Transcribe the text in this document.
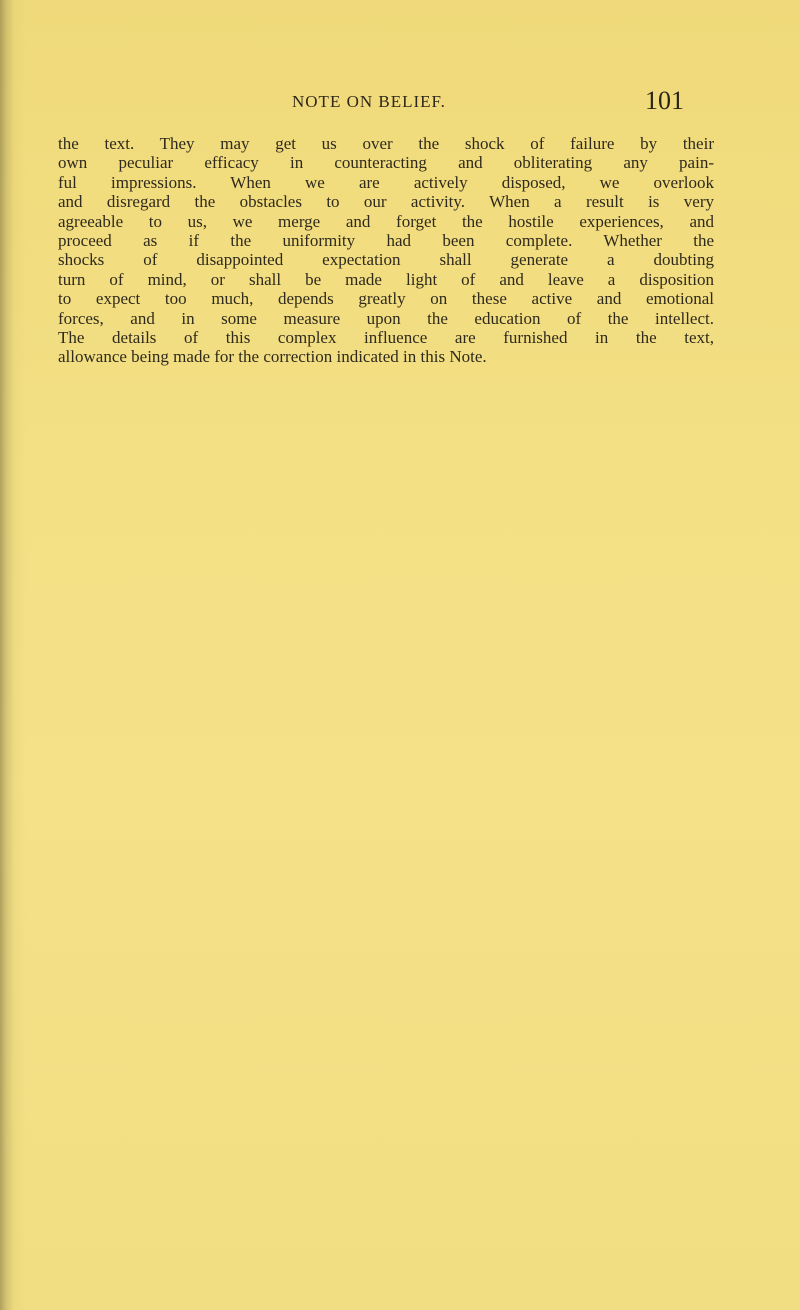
NOTE ON BELIEF.	101
the text. They may get us over the shock of failure by their
own peculiar efficacy in counteracting and obliterating any pain-
ful impressions. When we are actively disposed, we overlook
and disregard the obstacles to our activity. When a result is very
agreeable to us, we merge and forget the hostile experiences, and
proceed as if the uniformity had been complete. Whether the
shocks of disappointed expectation shall generate a doubting
turn of mind, or shall be made light of and leave a disposition
to expect too much, depends greatly on these active and emotional
forces, and in some measure upon the education of the intellect.
The details of this complex influence are furnished in the text,
allowance being made for the correction indicated in this Note.
